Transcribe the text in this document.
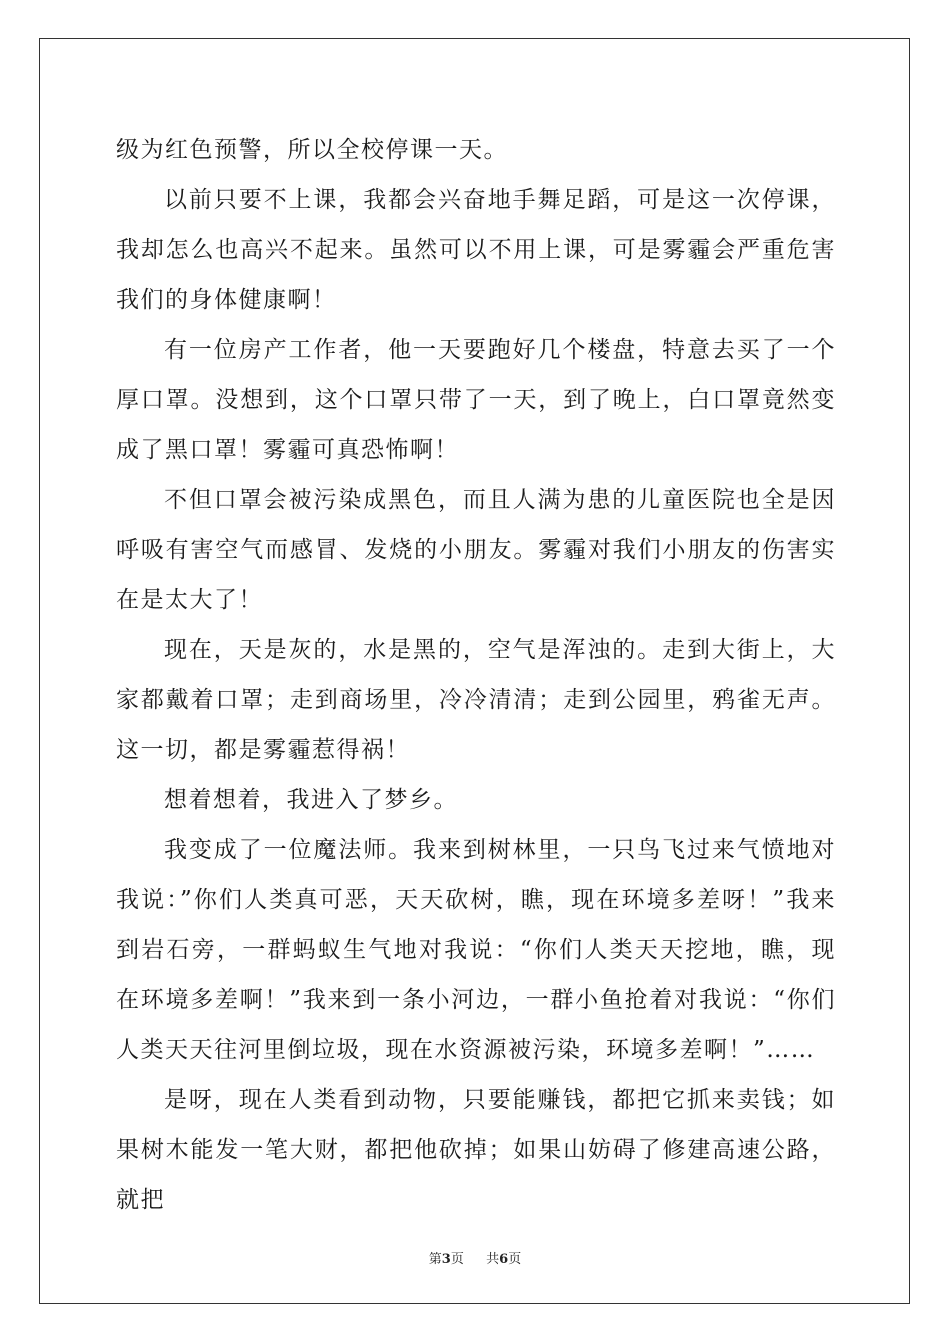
级为红色预警，所以全校停课一天。

以前只要不上课，我都会兴奋地手舞足蹈，可是这一次停课，我却怎么也高兴不起来。虽然可以不用上课，可是雾霾会严重危害我们的身体健康啊！

有一位房产工作者，他一天要跑好几个楼盘，特意去买了一个厚口罩。没想到，这个口罩只带了一天，到了晚上，白口罩竟然变成了黑口罩！雾霾可真恐怖啊！

不但口罩会被污染成黑色，而且人满为患的儿童医院也全是因呼吸有害空气而感冒、发烧的小朋友。雾霾对我们小朋友的伤害实在是太大了！

现在，天是灰的，水是黑的，空气是浑浊的。走到大街上，大家都戴着口罩；走到商场里，冷冷清清；走到公园里，鸦雀无声。这一切，都是雾霾惹得祸！

想着想着，我进入了梦乡。

我变成了一位魔法师。我来到树林里，一只鸟飞过来气愤地对我说：”你们人类真可恶，天天砍树，瞧，现在环境多差呀！”我来到岩石旁，一群蚂蚁生气地对我说：“你们人类天天挖地，瞧，现在环境多差啊！”我来到一条小河边，一群小鱼抢着对我说：“你们人类天天往河里倒垃圾，现在水资源被污染，环境多差啊！”……

是呀，现在人类看到动物，只要能赚钱，都把它抓来卖钱；如果树木能发一笔大财，都把他砍掉；如果山妨碍了修建高速公路，就把

第3页 共6页
